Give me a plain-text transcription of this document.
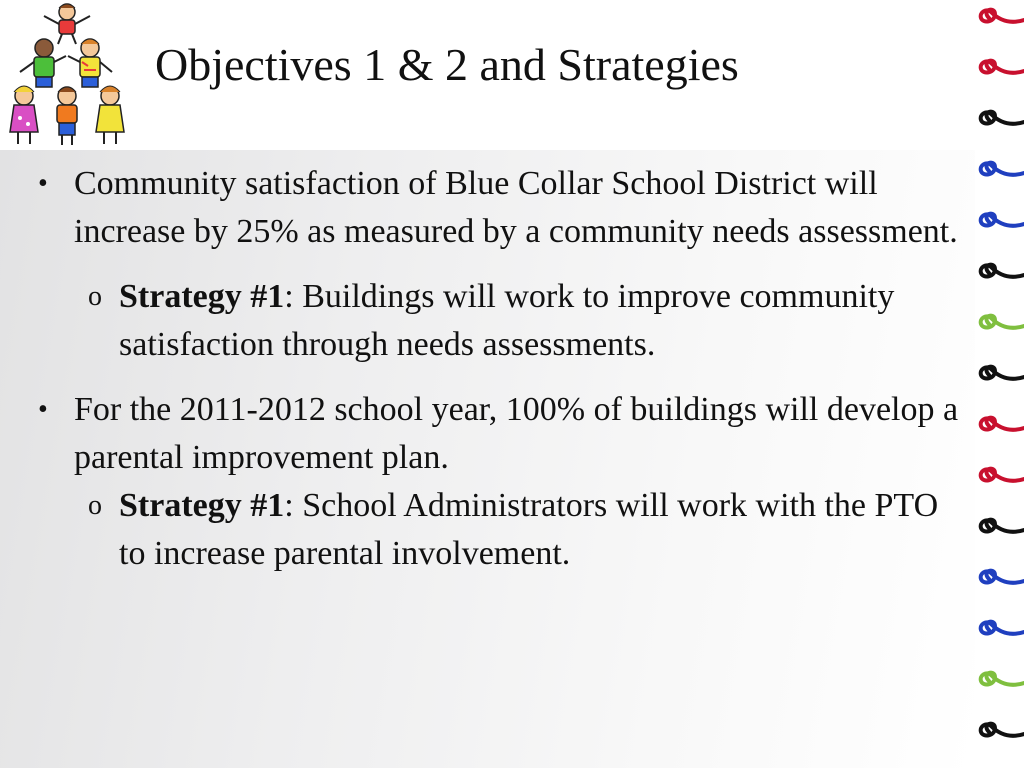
Objectives 1 & 2 and Strategies
• Community satisfaction of Blue Collar School District will increase by 25% as measured by a community needs assessment.
o Strategy #1: Buildings will work to improve community satisfaction through needs assessments.
• For the 2011-2012 school year, 100% of buildings will develop a parental improvement plan.
o Strategy #1: School Administrators will work with the PTO to increase parental involvement.
